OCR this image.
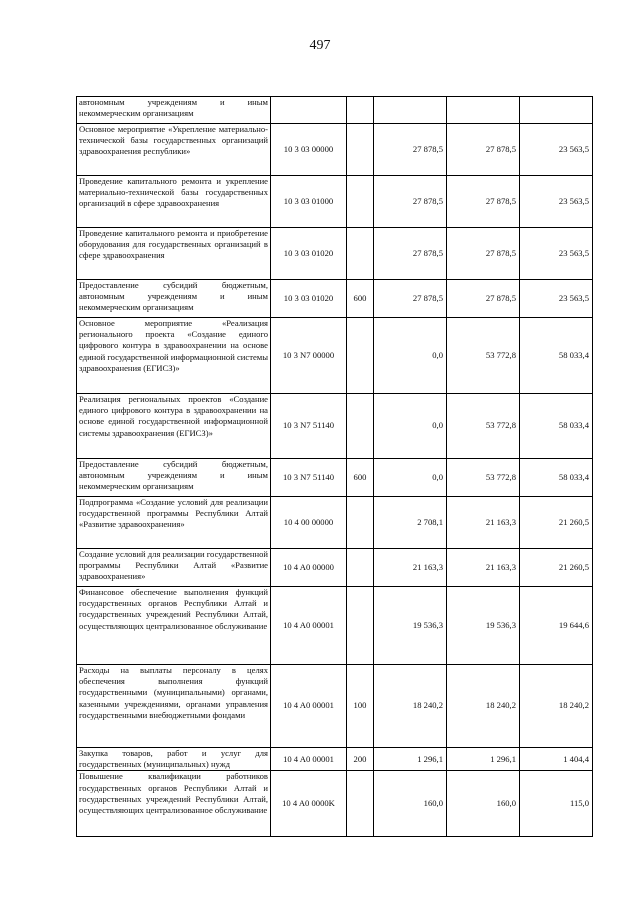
497
автономным учреждениям и иным некоммерческим организациям					
Основное мероприятие «Укрепление материально-технической базы государственных организаций здравоохранения республики»	10 3 03 00000		27 878,5	27 878,5	23 563,5
Проведение капитального ремонта и укрепление материально-технической базы государственных организаций в сфере здравоохранения	10 3 03 01000		27 878,5	27 878,5	23 563,5
Проведение капитального ремонта и приобретение оборудования для государственных организаций в сфере здравоохранения	10 3 03 01020		27 878,5	27 878,5	23 563,5
Предоставление субсидий бюджетным, автономным учреждениям и иным некоммерческим организациям	10 3 03 01020	600	27 878,5	27 878,5	23 563,5
Основное мероприятие «Реализация регионального проекта «Создание единого цифрового контура в здравоохранении на основе единой государственной информационной системы здравоохранения (ЕГИСЗ)»	10 3 N7 00000		0,0	53 772,8	58 033,4
Реализация региональных проектов «Создание единого цифрового контура в здравоохранении на основе единой государственной информационной системы здравоохранения (ЕГИСЗ)»	10 3 N7 51140		0,0	53 772,8	58 033,4
Предоставление субсидий бюджетным, автономным учреждениям и иным некоммерческим организациям	10 3 N7 51140	600	0,0	53 772,8	58 033,4
Подпрограмма «Создание условий для реализации государственной программы Республики Алтай «Развитие здравоохранения»	10 4 00 00000		2 708,1	21 163,3	21 260,5
Создание условий для реализации государственной программы Республики Алтай «Развитие здравоохранения»	10 4 A0 00000		21 163,3	21 163,3	21 260,5
Финансовое обеспечение выполнения функций государственных органов Республики Алтай и государственных учреждений Республики Алтай, осуществляющих централизованное обслуживание	10 4 A0 00001		19 536,3	19 536,3	19 644,6
Расходы на выплаты персоналу в целях обеспечения выполнения функций государственными (муниципальными) органами, казенными учреждениями, органами управления государственными внебюджетными фондами	10 4 A0 00001	100	18 240,2	18 240,2	18 240,2
Закупка товаров, работ и услуг для государственных (муниципальных) нужд	10 4 A0 00001	200	1 296,1	1 296,1	1 404,4
Повышение квалификации работников государственных органов Республики Алтай и государственных учреждений Республики Алтай, осуществляющих централизованное обслуживание	10 4 A0 0000K		160,0	160,0	115,0
